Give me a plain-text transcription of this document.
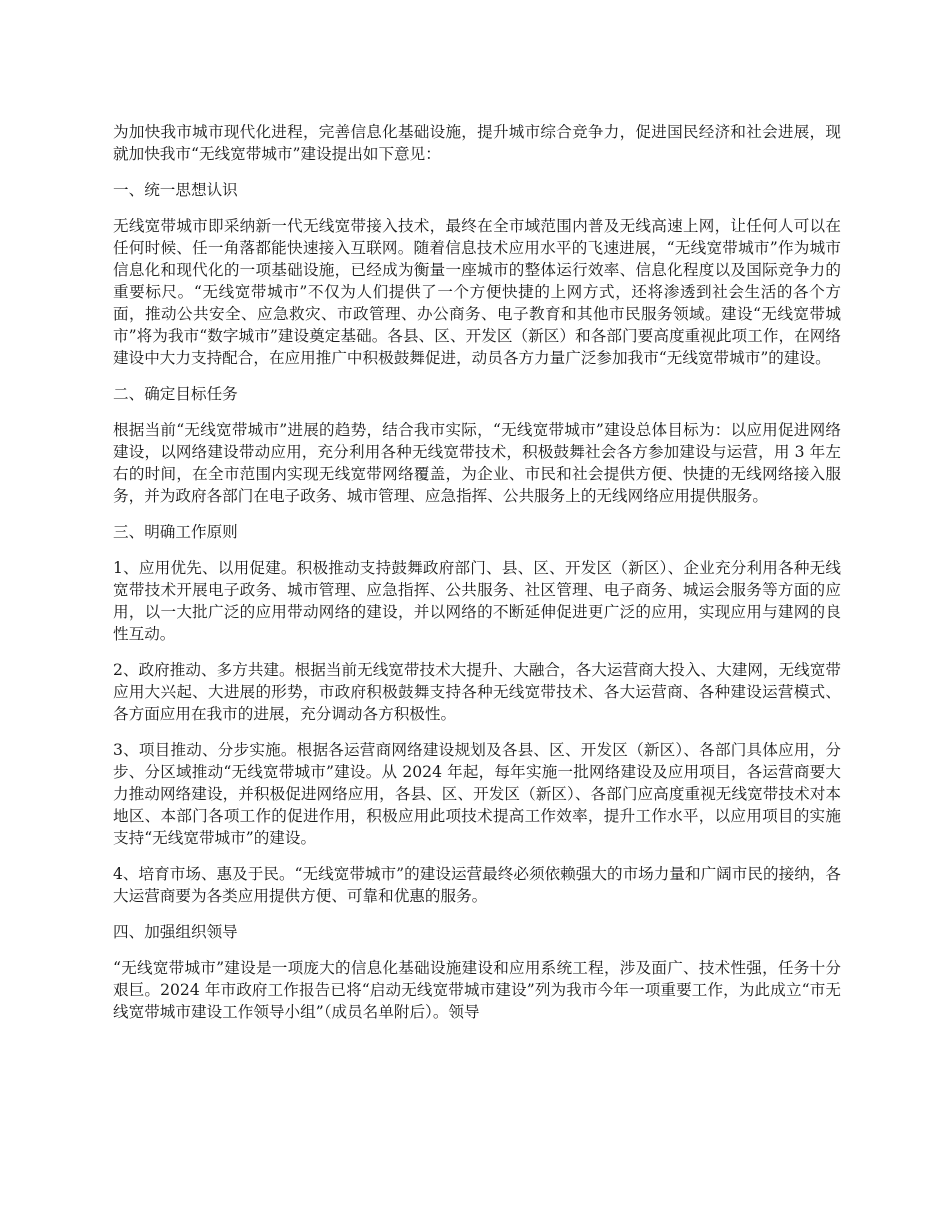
为加快我市城市现代化进程，完善信息化基础设施，提升城市综合竞争力，促进国民经济和社会进展，现就加快我市“无线宽带城市”建设提出如下意见：

一、统一思想认识

无线宽带城市即采纳新一代无线宽带接入技术，最终在全市域范围内普及无线高速上网，让任何人可以在任何时候、任一角落都能快速接入互联网。随着信息技术应用水平的飞速进展，“无线宽带城市”作为城市信息化和现代化的一项基础设施，已经成为衡量一座城市的整体运行效率、信息化程度以及国际竞争力的重要标尺。“无线宽带城市”不仅为人们提供了一个方便快捷的上网方式，还将渗透到社会生活的各个方面，推动公共安全、应急救灾、市政管理、办公商务、电子教育和其他市民服务领域。建设“无线宽带城市”将为我市“数字城市”建设奠定基础。各县、区、开发区（新区）和各部门要高度重视此项工作，在网络建设中大力支持配合，在应用推广中积极鼓舞促进，动员各方力量广泛参加我市“无线宽带城市”的建设。

二、确定目标任务

根据当前“无线宽带城市”进展的趋势，结合我市实际，“无线宽带城市”建设总体目标为：以应用促进网络建设，以网络建设带动应用，充分利用各种无线宽带技术，积极鼓舞社会各方参加建设与运营，用 3 年左右的时间，在全市范围内实现无线宽带网络覆盖，为企业、市民和社会提供方便、快捷的无线网络接入服务，并为政府各部门在电子政务、城市管理、应急指挥、公共服务上的无线网络应用提供服务。

三、明确工作原则

1、应用优先、以用促建。积极推动支持鼓舞政府部门、县、区、开发区（新区）、企业充分利用各种无线宽带技术开展电子政务、城市管理、应急指挥、公共服务、社区管理、电子商务、城运会服务等方面的应用，以一大批广泛的应用带动网络的建设，并以网络的不断延伸促进更广泛的应用，实现应用与建网的良性互动。

2、政府推动、多方共建。根据当前无线宽带技术大提升、大融合，各大运营商大投入、大建网，无线宽带应用大兴起、大进展的形势，市政府积极鼓舞支持各种无线宽带技术、各大运营商、各种建设运营模式、各方面应用在我市的进展，充分调动各方积极性。

3、项目推动、分步实施。根据各运营商网络建设规划及各县、区、开发区（新区）、各部门具体应用，分步、分区域推动“无线宽带城市”建设。从 2024 年起，每年实施一批网络建设及应用项目，各运营商要大力推动网络建设，并积极促进网络应用，各县、区、开发区（新区）、各部门应高度重视无线宽带技术对本地区、本部门各项工作的促进作用，积极应用此项技术提高工作效率，提升工作水平，以应用项目的实施支持“无线宽带城市”的建设。

4、培育市场、惠及于民。“无线宽带城市”的建设运营最终必须依赖强大的市场力量和广阔市民的接纳，各大运营商要为各类应用提供方便、可靠和优惠的服务。

四、加强组织领导

“无线宽带城市”建设是一项庞大的信息化基础设施建设和应用系统工程，涉及面广、技术性强，任务十分艰巨。2024 年市政府工作报告已将“启动无线宽带城市建设”列为我市今年一项重要工作，为此成立“市无线宽带城市建设工作领导小组”（成员名单附后）。领导
